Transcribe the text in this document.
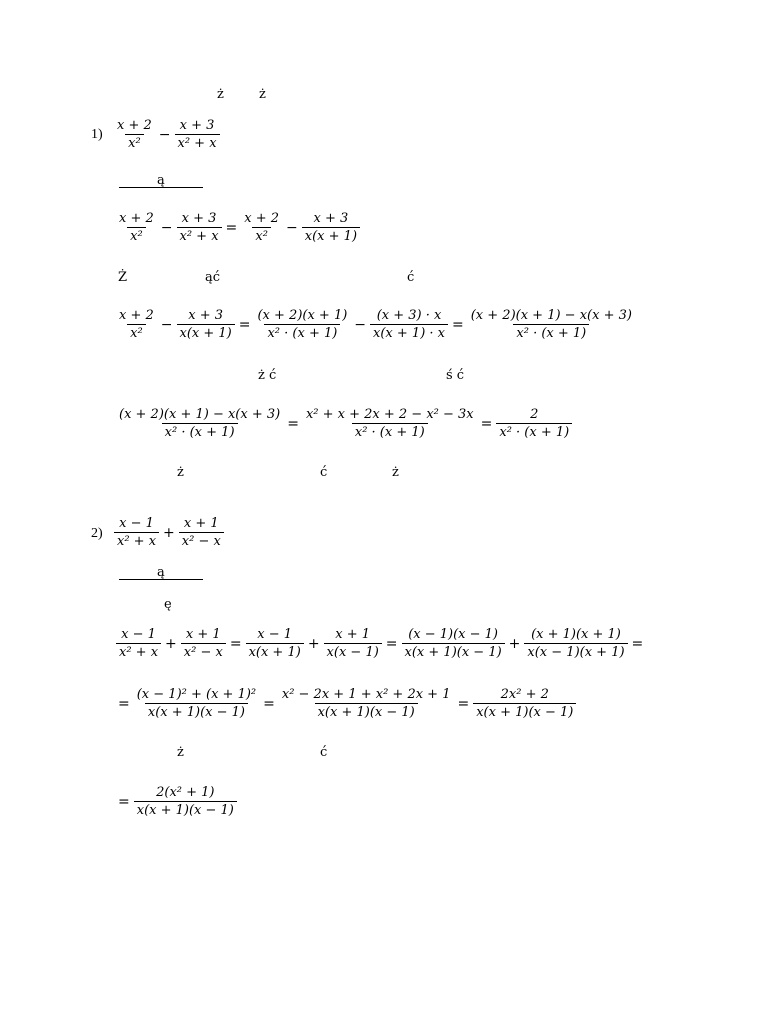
ż	ż
$1) \frac{x + 2}{\text{x²}} - \frac{x + 3}{\text{x² + x}}$
ą
$\frac{x + 2}{\text{x²}} - \frac{x + 3}{\text{x² + x}} = \frac{x + 2}{\text{x²}} - \frac{x + 3}{x(x + 1)}$
Ż	ąć	ć
$\frac{x + 2}{\text{x²}} - \frac{x + 3}{x(x + 1)} = \frac{(x + 2)(x + 1)}{\text{x² · (x + 1)}} - \frac{(x + 3) \cdot x}{x(x + 1) \cdot x} = \frac{(x + 2)(x + 1) - x(x + 3)}{\text{x² · (x + 1)}}$
ż ć	ś ć
$\frac{(x + 2)(x + 1) - x(x + 3)}{\text{x² · (x + 1)}} = \frac{\text{x² + x + 2x + 2 − x² − 3x}}{\text{x² · (x + 1)}} = \frac{2}{\text{x² · (x + 1)}}$
ż	ć	ż
$2) \frac{x - 1}{\text{x² + x}} + \frac{x + 1}{\text{x² − x}}$
ą
ę
$\frac{x - 1}{\text{x² + x}} + \frac{x + 1}{\text{x² − x}} = \frac{x - 1}{x(x + 1)} + \frac{x + 1}{x(x - 1)} = \frac{(x - 1)(x - 1)}{x(x + 1)(x - 1)} + \frac{(x + 1)(x + 1)}{x(x - 1)(x + 1)}$ =
= $\frac{\text{(x − 1)² + (x + 1)²}}{x(x + 1)(x - 1)} = \frac{\text{x² − 2x + 1 + x² + 2x + 1}}{x(x + 1)(x - 1)} = \frac{\text{2x² + 2}}{x(x + 1)(x - 1)}$
ż	ć
= $\frac{\text{2(x² + 1)}}{x(x + 1)(x - 1)}$
